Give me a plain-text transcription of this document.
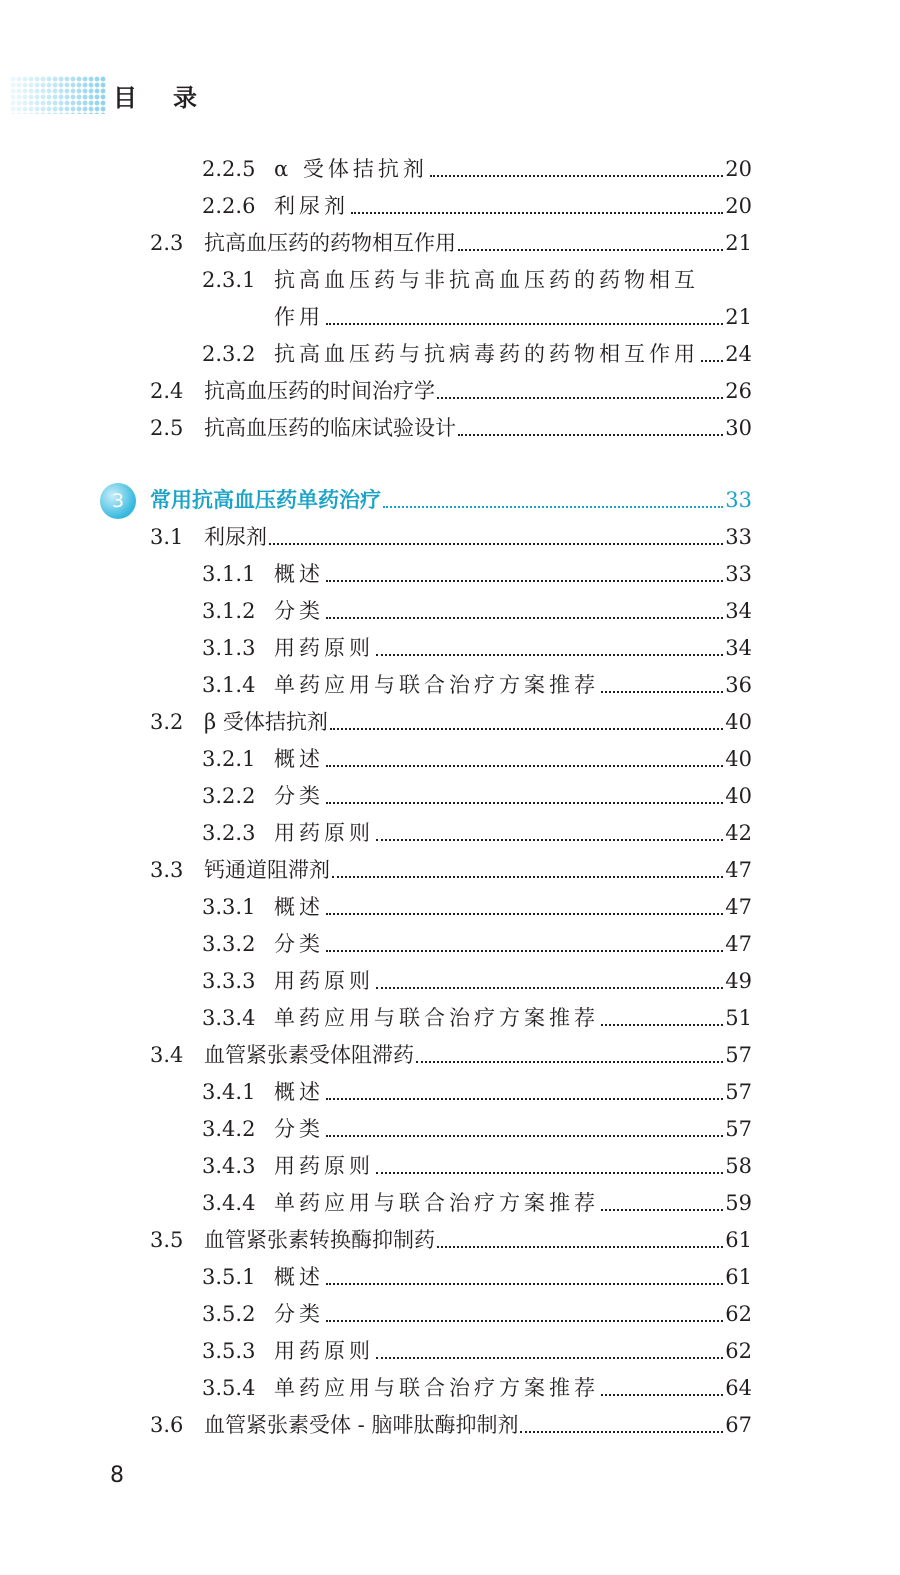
目录
2.2.5 α 受体拮抗剂	20
2.2.6 利尿剂	20
2.3 抗高血压药的药物相互作用	21
2.3.1 抗高血压药与非抗高血压药的药物相互
作用	21
2.3.2 抗高血压药与抗病毒药的药物相互作用 24
2.4 抗高血压药的时间治疗学	26
2.5 抗高血压药的临床试验设计	30
3	常用抗高血压药单药治疗	33
3.1 利尿剂	33
3.1.1 概述	33
3.1.2 分类	34
3.1.3 用药原则	34
3.1.4 单药应用与联合治疗方案推荐	36
3.2 β 受体拮抗剂	40
3.2.1 概述	40
3.2.2 分类	40
3.2.3 用药原则	42
3.3 钙通道阻滞剂	47
3.3.1 概述	47
3.3.2 分类	47
3.3.3 用药原则	49
3.3.4 单药应用与联合治疗方案推荐	51
3.4 血管紧张素受体阻滞药	57
3.4.1 概述	57
3.4.2 分类	57
3.4.3 用药原则	58
3.4.4 单药应用与联合治疗方案推荐	59
3.5 血管紧张素转换酶抑制药	61
3.5.1 概述	61
3.5.2 分类	62
3.5.3 用药原则	62
3.5.4 单药应用与联合治疗方案推荐	64
3.6 血管紧张素受体 - 脑啡肽酶抑制剂	67
8
